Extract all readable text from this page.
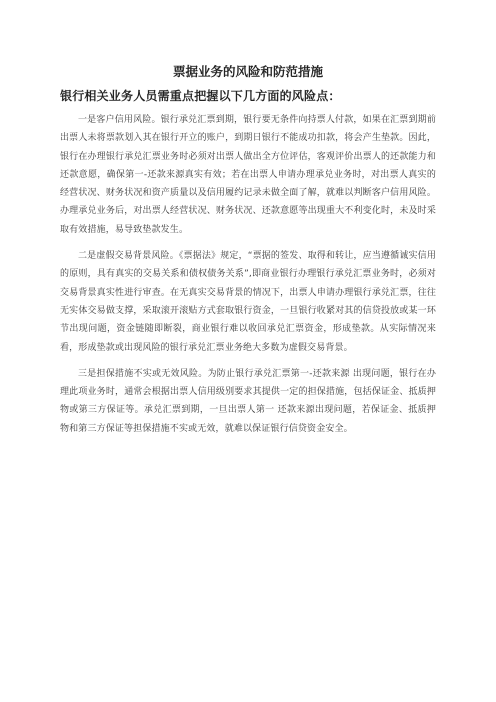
票据业务的风险和防范措施
银行相关业务人员需重点把握以下几方面的风险点：

一是客户信用风险。银行承兑汇票到期，银行要无条件向持票人付款，如果在汇票到期前出票人未将票款划入其在银行开立的账户，到期日银行不能成功扣款，将会产生垫款。因此，银行在办理银行承兑汇票业务时必须对出票人做出全方位评估，客观评价出票人的还款能力和还款意愿，确保第一-还款来源真实有效；若在出票人申请办理承兑业务时，对出票人真实的经营状况、财务状况和资产质量以及信用履约记录未做全面了解，就难以判断客户信用风险。办理承兑业务后，对出票人经营状况、财务状况、还款意愿等出现重大不利变化时，未及时采取有效措施，易导致垫款发生。

二是虚假交易背景风险。《票据法》规定，“票据的签发、取得和转让，应当遵循诚实信用的原则，具有真实的交易关系和债权债务关系”,即商业银行办理银行承兑汇票业务时，必须对交易背景真实性进行审查。在无真实交易背景的情况下，出票人申请办理银行承兑汇票，往往无实体交易做支撑，采取滚开滚贴方式套取银行资金，一旦银行收紧对其的信贷投放或某一环节出现问题，资金链随即断裂，商业银行难以收回承兑汇票资金，形成垫款。从实际情况来看，形成垫款或出现风险的银行承兑汇票业务绝大多数为虚假交易背景。

三是担保措施不实或无效风险。为防止银行承兑汇票第一-还款来源 出现问题，银行在办理此项业务时，通常会根据出票人信用级别要求其提供一定的担保措施，包括保证金、抵质押物或第三方保证等。承兑汇票到期，一旦出票人第一 还款来源出现问题，若保证金、抵质押物和第三方保证等担保措施不实或无效，就难以保证银行信贷资金安全。
